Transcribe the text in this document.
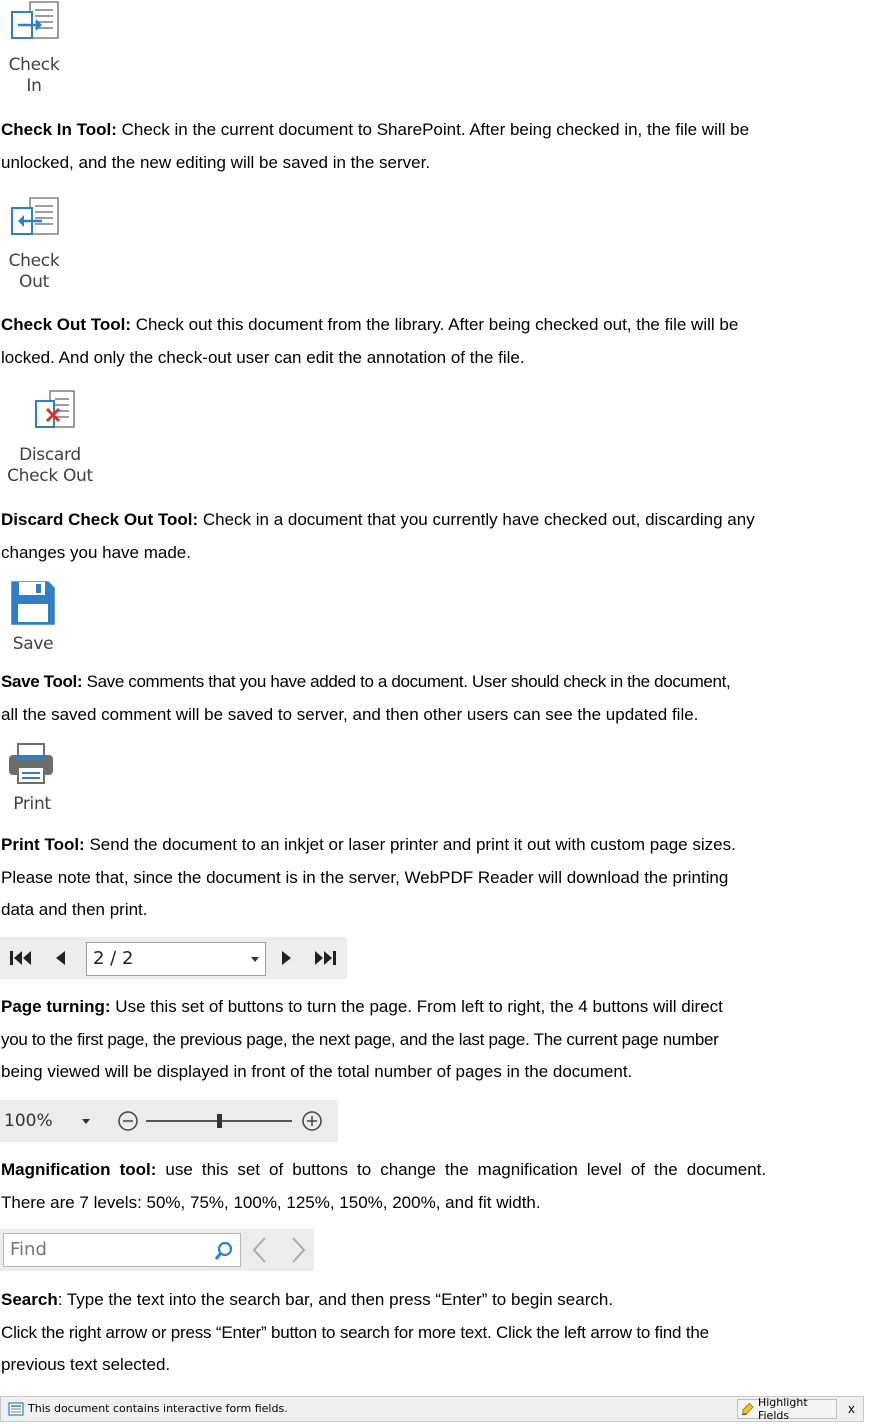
Check
In
Check In Tool: Check in the current document to SharePoint. After being checked in, the file will be
unlocked, and the new editing will be saved in the server.
Check
Out
Check Out Tool: Check out this document from the library. After being checked out, the file will be
locked. And only the check-out user can edit the annotation of the file.
Discard
Check Out
Discard Check Out Tool: Check in a document that you currently have checked out, discarding any
changes you have made.
Save
Save Tool: Save comments that you have added to a document. User should check in the document,
all the saved comment will be saved to server, and then other users can see the updated file.
Print
Print Tool: Send the document to an inkjet or laser printer and print it out with custom page sizes.
Please note that, since the document is in the server, WebPDF Reader will download the printing
data and then print.
2 / 2
Page turning: Use this set of buttons to turn the page. From left to right, the 4 buttons will direct
you to the first page, the previous page, the next page, and the last page. The current page number
being viewed will be displayed in front of the total number of pages in the document.
100%
Magnification tool: use this set of buttons to change the magnification level of the document.
There are 7 levels: 50%, 75%, 100%, 125%, 150%, 200%, and fit width.
Find
Search: Type the text into the search bar, and then press “Enter” to begin search.
Click the right arrow or press “Enter” button to search for more text. Click the left arrow to find the
previous text selected.
This document contains interactive form fields.	Highlight Fields	x
